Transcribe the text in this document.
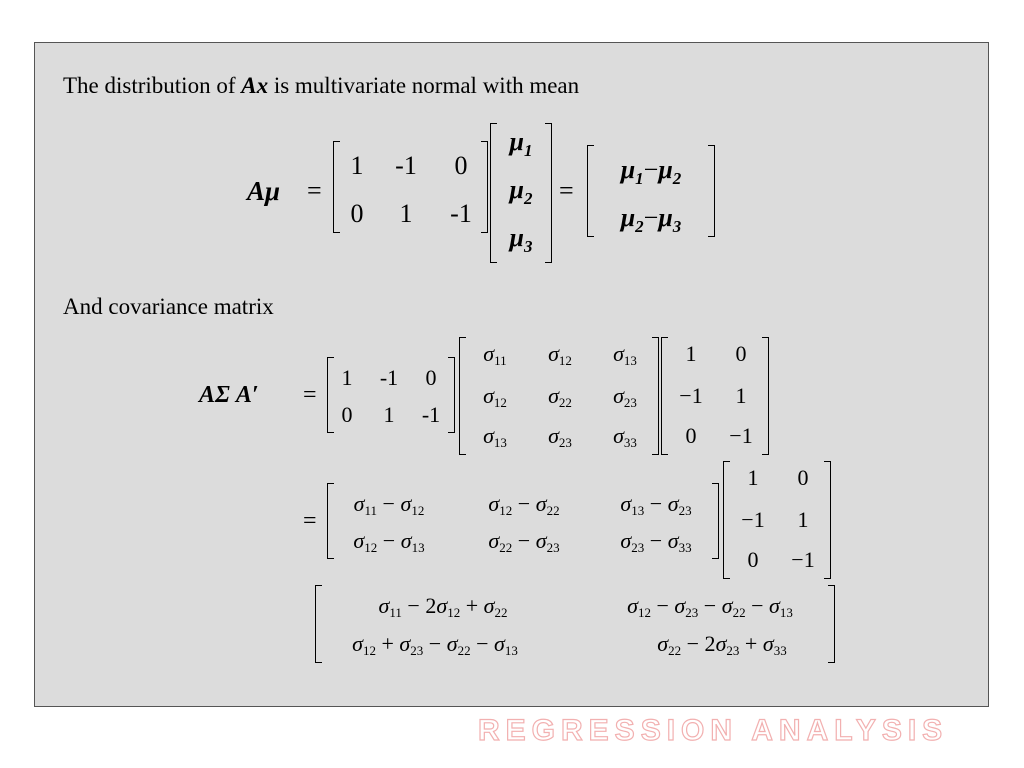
The distribution of Ax is multivariate normal with mean
Aμ =
1 -1 0
0 1 -1
μ1
μ2
μ3
=
μ1−μ2
μ2−μ3
And covariance matrix
AΣ A′ =
1 -1 0
0 1 -1
$\sigma_{11}$ $\sigma_{12}$ $\sigma_{13}$
$\sigma_{12}$ $\sigma_{22}$ $\sigma_{23}$
$\sigma_{13}$ $\sigma_{23}$ $\sigma_{33}$
1 0
−1 1
0 −1
=
$\sigma_{11} - \sigma_{12}$	$\sigma_{12} - \sigma_{22}$	$\sigma_{13} - \sigma_{23}$
$\sigma_{12} - \sigma_{13}$	$\sigma_{22} - \sigma_{23}$	$\sigma_{23} - \sigma_{33}$
1 0
−1 1
0 −1
$\sigma_{11} - 2\sigma_{12} + \sigma_{22}$	$\sigma_{12} - \sigma_{23} - \sigma_{22} - \sigma_{13}$
$\sigma_{12} + \sigma_{23} - \sigma_{22} - \sigma_{13}$	$\sigma_{22} - 2\sigma_{23} + \sigma_{33}$
REGRESSION ANALYSIS
